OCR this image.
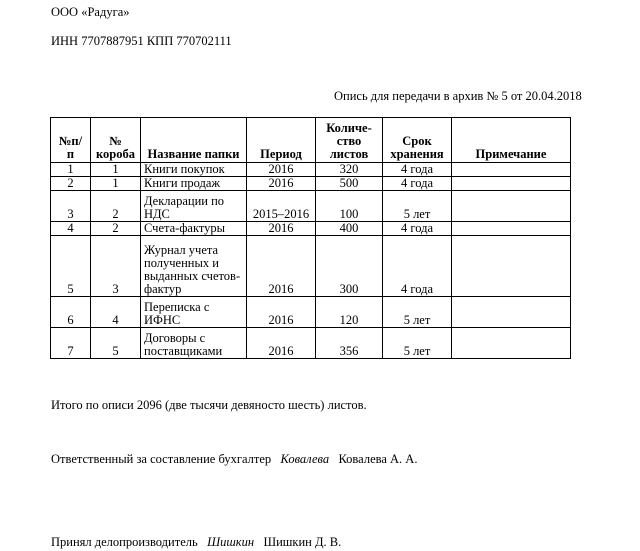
ООО «Радуга»
ИНН 7707887951 КПП 770702111
Опись для передачи в архив № 5 от 20.04.2018
№п/ п	№ короба	Название папки	Период	Количе-ство листов	Срок хранения	Примечание
1	1	Книги покупок	2016	320	4 года	
2	1	Книги продаж	2016	500	4 года	
3	2	Декларации по НДС	2015–2016	100	5 лет	
4	2	Счета-фактуры	2016	400	4 года	
5	3	Журнал учета полученных и выданных счетов-фактур	2016	300	4 года	
6	4	Переписка с ИФНС	2016	120	5 лет	
7	5	Договоры с поставщиками	2016	356	5 лет	
Итого по описи 2096 (две тысячи девяносто шесть) листов.
Ответственный за составление бухгалтер Ковалева Ковалева А. А.
Принял делопроизводитель Шишкин Шишкин Д. В.
